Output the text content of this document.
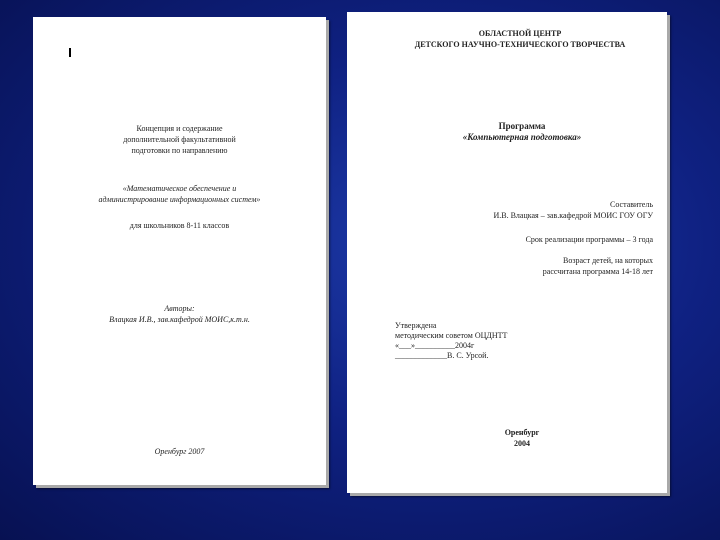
Концепция и содержание
дополнительной факультативной
подготовки по направлению
«Математическое обеспечение и
администрирование информационных систем»
для школьников 8-11 классов
Авторы:
Влацкая И.В., зав.кафедрой МОИС,к.т.н.
Оренбург 2007
ОБЛАСТНОЙ ЦЕНТР
ДЕТСКОГО НАУЧНО-ТЕХНИЧЕСКОГО ТВОРЧЕСТВА
Программа
«Компьютерная подготовка»
Составитель
И.В. Влацкая – зав.кафедрой МОИС ГОУ ОГУ
Срок реализации программы – 3 года
Возраст детей, на которых
рассчитана программа 14-18 лет
Утверждена
методическим советом ОЦДНТТ
«___»__________2004г
_____________В. С. Урсой.
Оренбург
2004
